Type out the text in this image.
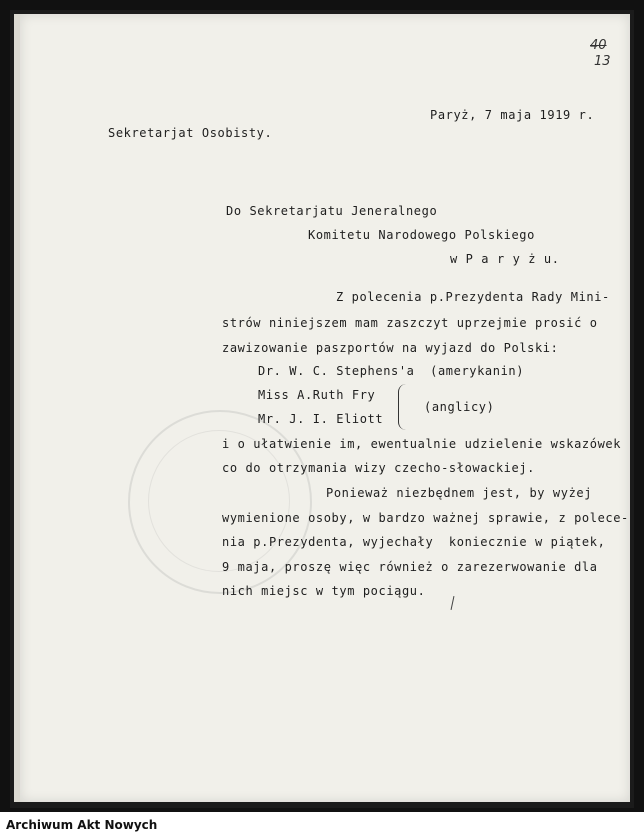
40
13
Paryż, 7 maja 1919 r.
Sekretarjat Osobisty.
Do Sekretarjatu Jeneralnego
Komitetu Narodowego Polskiego
w P a r y ż u.
Z polecenia p.Prezydenta Rady Mini-
strów niniejszem mam zaszczyt uprzejmie prosić o
zawizowanie paszportów na wyjazd do Polski:
Dr. W. C. Stephens'a  (amerykanin)
Miss A.Ruth Fry
(anglicy)
Mr. J. I. Eliott
i o ułatwienie im, ewentualnie udzielenie wskazówek
co do otrzymania wizy czecho-słowackiej.
Ponieważ niezbędnem jest, by wyżej
wymienione osoby, w bardzo ważnej sprawie, z polece-
nia p.Prezydenta, wyjechały  koniecznie w piątek,
9 maja, proszę więc również o zarezerwowanie dla
nich miejsc w tym pociągu.
Archiwum Akt Nowych
